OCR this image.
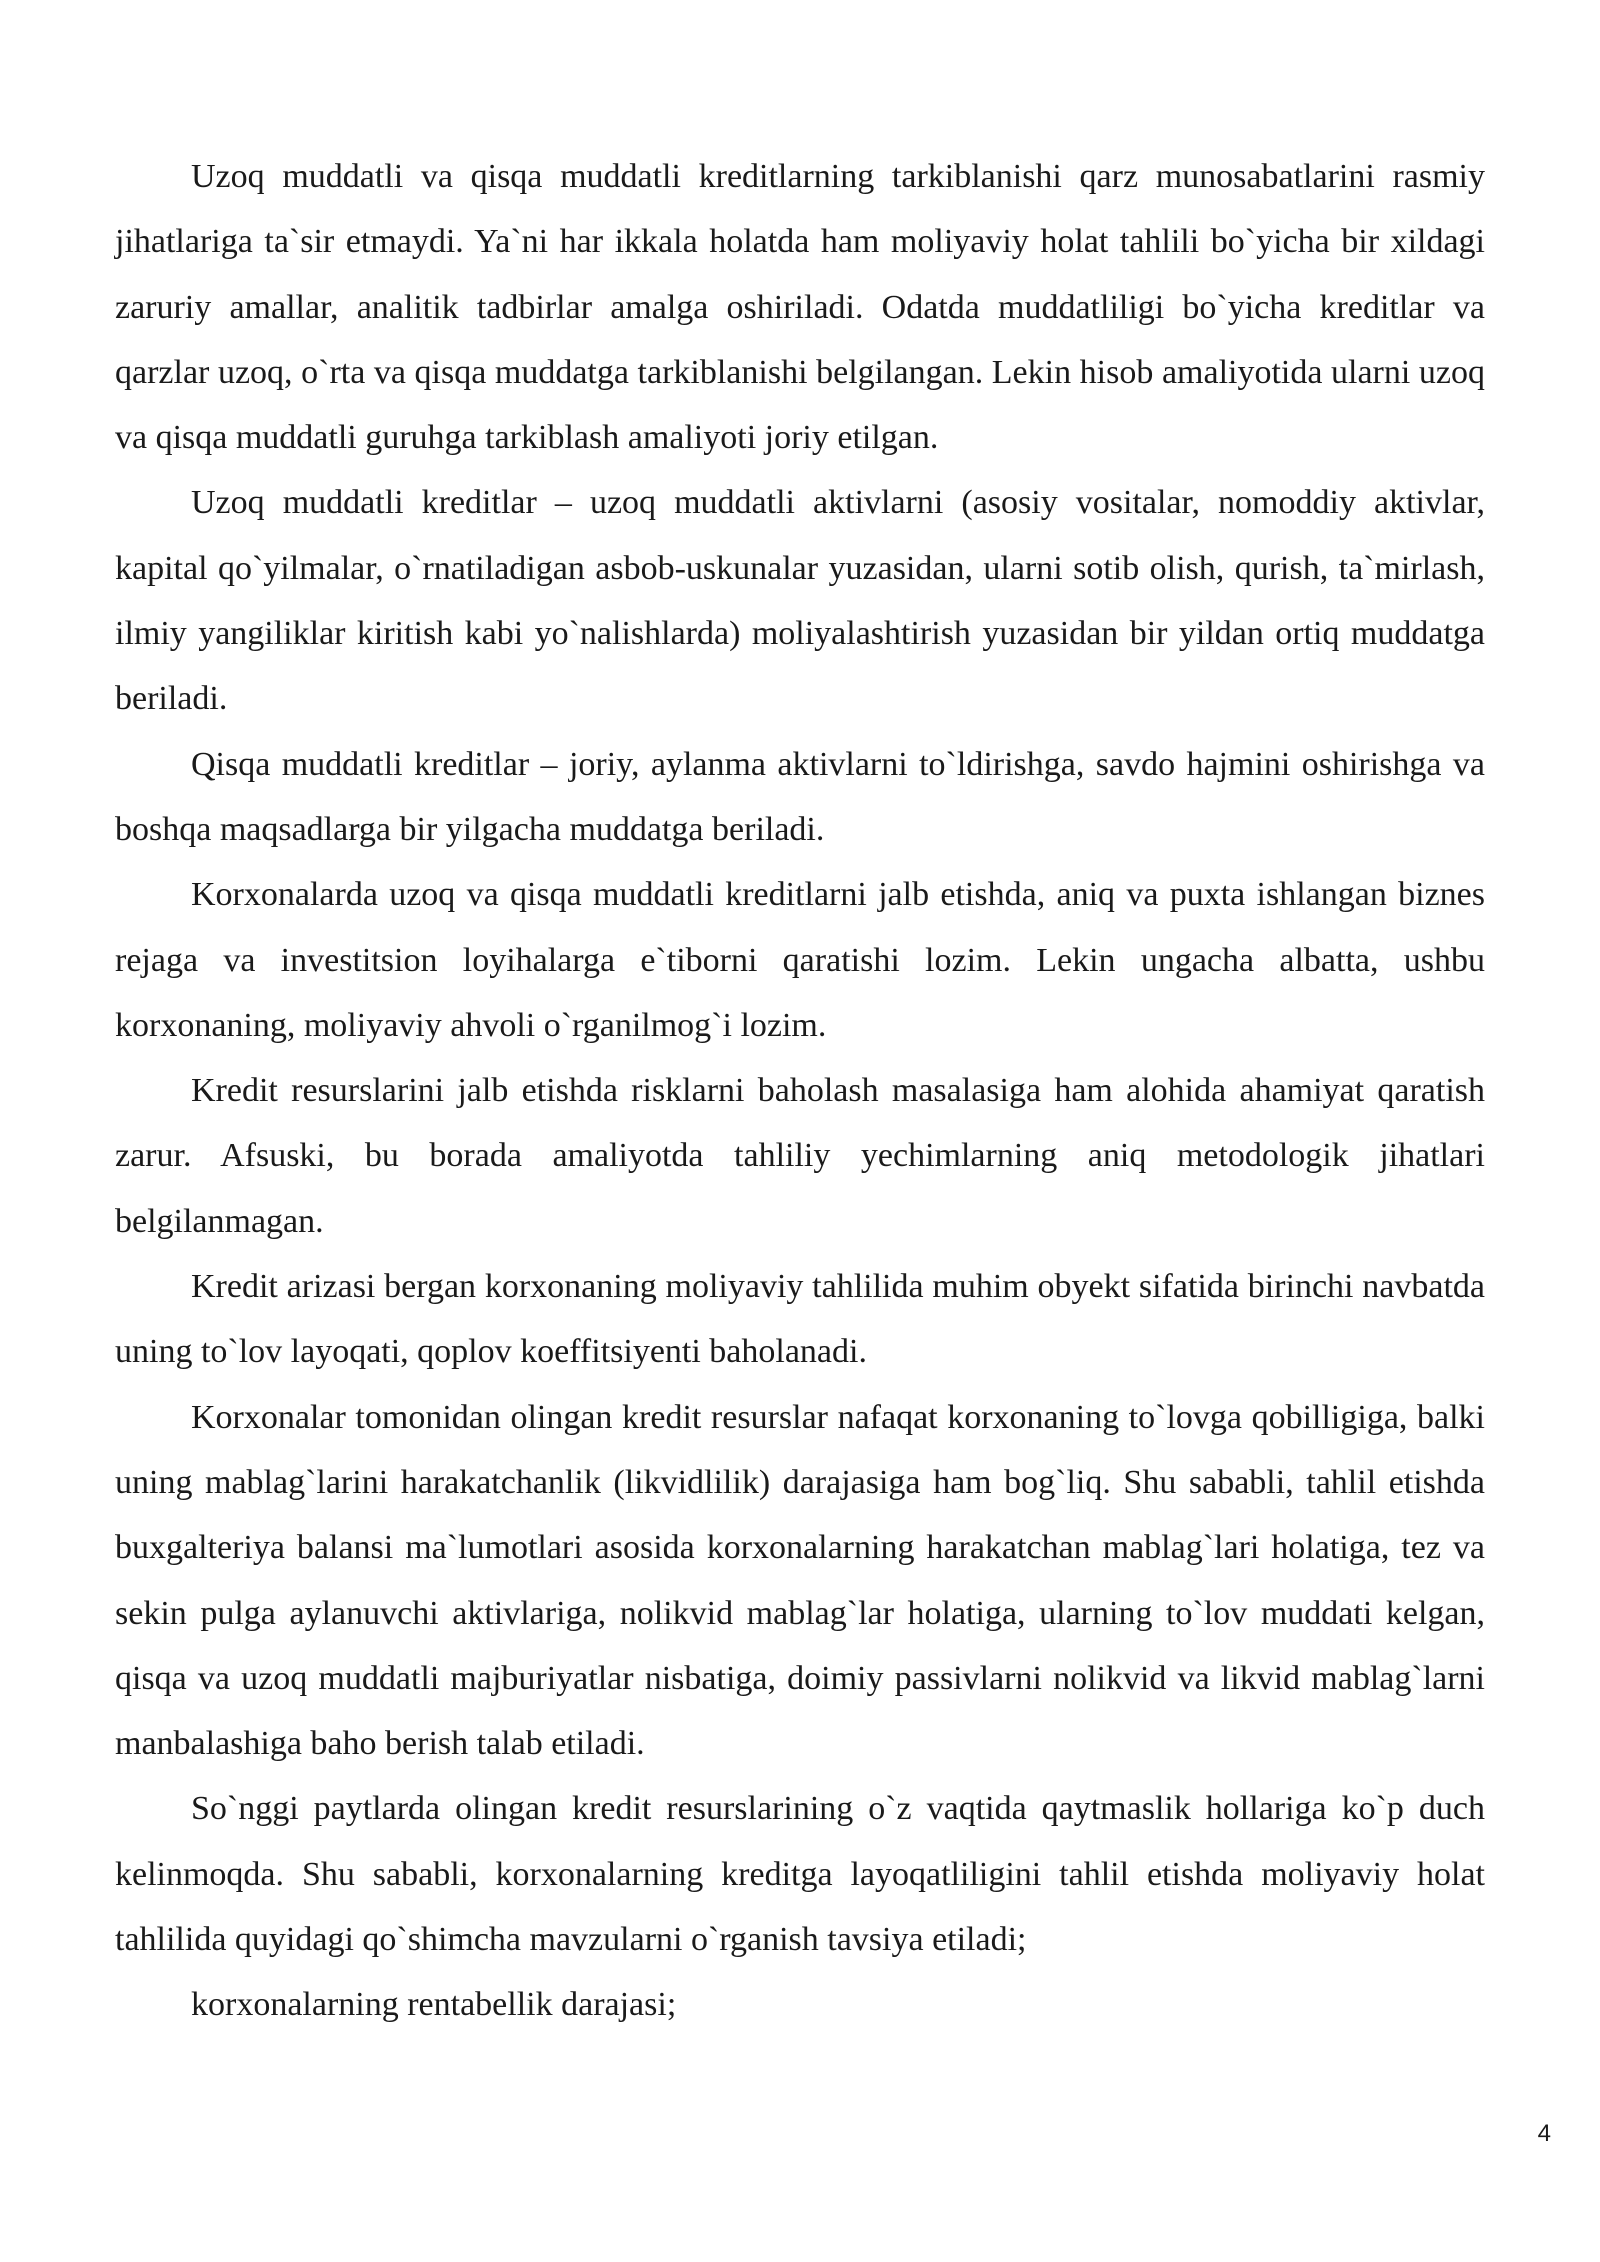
Uzoq muddatli va qisqa muddatli kreditlarning tarkiblanishi qarz munosabatlarini rasmiy jihatlariga ta`sir etmaydi. Ya`ni har ikkala holatda ham moliyaviy holat tahlili bo`yicha bir xildagi zaruriy amallar, analitik tadbirlar amalga oshiriladi. Odatda muddatliligi bo`yicha kreditlar va qarzlar uzoq, o`rta va qisqa muddatga tarkiblanishi belgilangan. Lekin hisob amaliyotida ularni uzoq va qisqa muddatli guruhga tarkiblash amaliyoti joriy etilgan.

Uzoq muddatli kreditlar – uzoq muddatli aktivlarni (asosiy vositalar, nomoddiy aktivlar, kapital qo`yilmalar, o`rnatiladigan asbob-uskunalar yuzasidan, ularni sotib olish, qurish, ta`mirlash, ilmiy yangiliklar kiritish kabi yo`nalishlarda) moliyalashtirish yuzasidan bir yildan ortiq muddatga beriladi.

Qisqa muddatli kreditlar – joriy, aylanma aktivlarni to`ldirishga, savdo hajmini oshirishga va boshqa maqsadlarga bir yilgacha muddatga beriladi.

Korxonalarda uzoq va qisqa muddatli kreditlarni jalb etishda, aniq va puxta ishlangan biznes rejaga va investitsion loyihalarga e`tiborni qaratishi lozim. Lekin ungacha albatta, ushbu korxonaning, moliyaviy ahvoli o`rganilmog`i lozim.

Kredit resurslarini jalb etishda risklarni baholash masalasiga ham alohida ahamiyat qaratish zarur. Afsuski, bu borada amaliyotda tahliliy yechimlarning aniq metodologik jihatlari belgilanmagan.

Kredit arizasi bergan korxonaning moliyaviy tahlilida muhim obyekt sifatida birinchi navbatda uning to`lov layoqati, qoplov koeffitsiyenti baholanadi.

Korxonalar tomonidan olingan kredit resurslar nafaqat korxonaning to`lovga qobilligiga, balki uning mablag`larini harakatchanlik (likvidlilik) darajasiga ham bog`liq. Shu sababli, tahlil etishda buxgalteriya balansi ma`lumotlari asosida korxonalarning harakatchan mablag`lari holatiga, tez va sekin pulga aylanuvchi aktivlariga, nolikvid mablag`lar holatiga, ularning to`lov muddati kelgan, qisqa va uzoq muddatli majburiyatlar nisbatiga, doimiy passivlarni nolikvid va likvid mablag`larni manbalashiga baho berish talab etiladi.

So`nggi paytlarda olingan kredit resurslarining o`z vaqtida qaytmaslik hollariga ko`p duch kelinmoqda. Shu sababli, korxonalarning kreditga layoqatliligini tahlil etishda moliyaviy holat tahlilida quyidagi qo`shimcha mavzularni o`rganish tavsiya etiladi;

korxonalarning rentabellik darajasi;

4
